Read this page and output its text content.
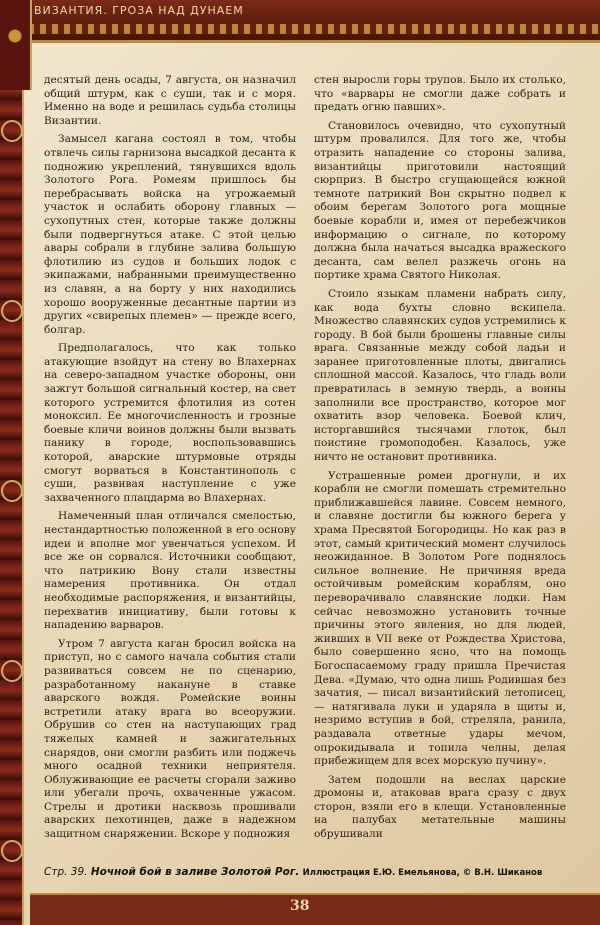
ВИЗАНТИЯ. ГРОЗА НАД ДУНАЕМ

десятый день осады, 7 августа, он назначил общий штурм, как с суши, так и с моря. Именно на воде и решилась судьба столицы Византии.

Замысел кагана состоял в том, чтобы отвлечь силы гарнизона высадкой десанта к подножию укреплений, тянувшихся вдоль Золотого Рога. Ромеям пришлось бы перебрасывать войска на угрожаемый участок и ослабить оборону главных — сухопутных стен, которые также должны были подвергнуться атаке. С этой целью авары собрали в глубине залива большую флотилию из судов и больших лодок с экипажами, набранными преимущественно из славян, а на борту у них находились хорошо вооруженные десантные партии из других «свирепых племен» — прежде всего, болгар.

Предполагалось, что как только атакующие взойдут на стену во Влахернах на северо-западном участке обороны, они зажгут большой сигнальный костер, на свет которого устремится флотилия из сотен моноксил. Ее многочисленность и грозные боевые кличи воинов должны были вызвать панику в городе, воспользовавшись которой, аварские штурмовые отряды смогут ворваться в Константинополь с суши, развивая наступление с уже захваченного плацдарма во Влахернах.

Намеченный план отличался смелостью, нестандартностью положенной в его основу идеи и вполне мог увенчаться успехом. И все же он сорвался. Источники сообщают, что патрикию Вону стали известны намерения противника. Он отдал необходимые распоряжения, и византийцы, перехватив инициативу, были готовы к нападению варваров.

Утром 7 августа каган бросил войска на приступ, но с самого начала события стали развиваться совсем не по сценарию, разработанному накануне в ставке аварского вождя. Ромейские воины встретили атаку врага во всеоружии. Обрушив со стен на наступающих град тяжелых камней и зажигательных снарядов, они смогли разбить или поджечь много осадной техники неприятеля. Облуживающие ее расчеты сгорали заживо или убегали прочь, охваченные ужасом. Стрелы и дротики насквозь прошивали аварских пехотинцев, даже в надежном защитном снаряжении. Вскоре у подножия

стен выросли горы трупов. Было их столько, что «варвары не смогли даже собрать и предать огню павших».

Становилось очевидно, что сухопутный штурм провалился. Для того же, чтобы отразить нападение со стороны залива, византийцы приготовили настоящий сюрприз. В быстро сгущающейся южной темноте патрикий Вон скрытно подвел к обоим берегам Золотого рога мощные боевые корабли и, имея от перебежчиков информацию о сигнале, по которому должна была начаться высадка вражеского десанта, сам велел разжечь огонь на портике храма Святого Николая.

Стоило языкам пламени набрать силу, как вода бухты словно вскипела. Множество славянских судов устремились к городу. В бой были брошены главные силы врага. Связанные между собой ладьи и заранее приготовленные плоты, двигались сплошной массой. Казалось, что гладь воли превратилась в земную твердь, а воины заполнили все пространство, которое мог охватить взор человека. Боевой клич, исторгавшийся тысячами глоток, был поистине громоподобен. Казалось, уже ничто не остановит противника.

Устрашенные ромеи дрогнули, и их корабли не смогли помешать стремительно приближавшейся лавине. Совсем немного, и славяне достигли бы южного берега у храма Пресвятой Богородицы. Но как раз в этот, самый критический момент случилось неожиданное. В Золотом Роге поднялось сильное волнение. Не причиняя вреда остойчивым ромейским кораблям, оно переворачивало славянские лодки. Нам сейчас невозможно установить точные причины этого явления, но для людей, живших в VII веке от Рождества Христова, было совершенно ясно, что на помощь Богоспасаемому граду пришла Пречистая Дева. «Думаю, что одна лишь Родившая без зачатия, — писал византийский летописец, — натягивала луки и ударяла в щиты и, незримо вступив в бой, стреляла, ранила, раздавала ответные удары мечом, опрокидывала и топила челны, делая прибежищем для всех морскую пучину».

Затем подошли на веслах царские дромоны и, атаковав врага сразу с двух сторон, взяли его в клещи. Установленные на палубах метательные машины обрушивали

Стр. 39. Ночной бой в заливе Золотой Рог. Иллюстрация Е.Ю. Емельянова, © В.Н. Шиканов
38
